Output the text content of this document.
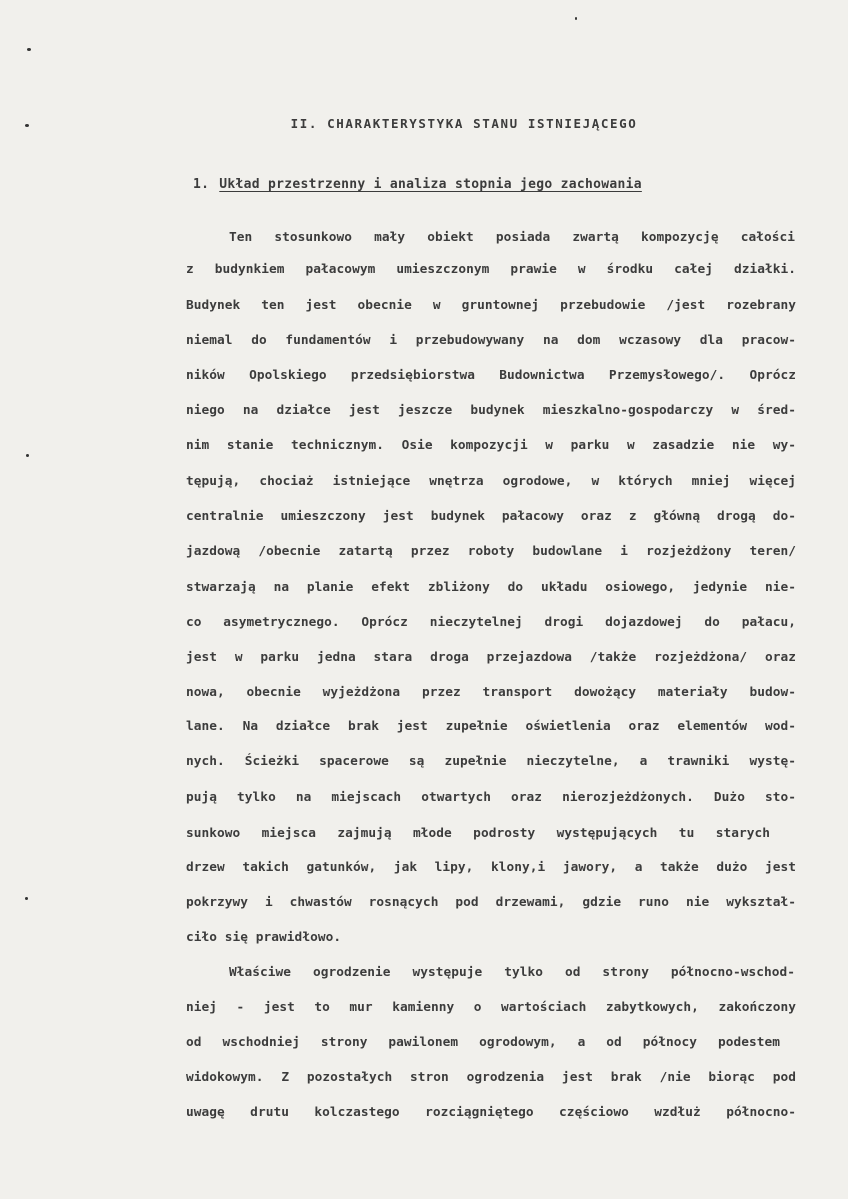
II. CHARAKTERYSTYKA STANU ISTNIEJĄCEGO
1. Układ przestrzenny i analiza stopnia jego zachowania
Ten stosunkowo mały obiekt posiada zwartą kompozycję całości
z budynkiem pałacowym umieszczonym prawie w środku całej działki.
Budynek ten jest obecnie w gruntownej przebudowie /jest rozebrany
niemal do fundamentów i przebudowywany na dom wczasowy dla pracow-
ników Opolskiego przedsiębiorstwa Budownictwa Przemysłowego/. Oprócz
niego na działce jest jeszcze budynek mieszkalno-gospodarczy w śred-
nim stanie technicznym. Osie kompozycji w parku w zasadzie nie wy-
tępują, chociaż istniejące wnętrza ogrodowe, w których mniej więcej
centralnie umieszczony jest budynek pałacowy oraz z główną drogą do-
jazdową /obecnie zatartą przez roboty budowlane i rozjeżdżony teren/
stwarzają na planie efekt zbliżony do układu osiowego, jedynie nie-
co asymetrycznego. Oprócz nieczytelnej drogi dojazdowej do pałacu,
jest w parku jedna stara droga przejazdowa /także rozjeżdżona/ oraz
nowa, obecnie wyjeżdżona przez transport dowożący materiały budow-
lane. Na działce brak jest zupełnie oświetlenia oraz elementów wod-
nych. Ścieżki spacerowe są zupełnie nieczytelne, a trawniki wystę-
pują tylko na miejscach otwartych oraz nierozjeżdżonych. Dużo sto-
sunkowo miejsca zajmują młode podrosty występujących tu starych
drzew takich gatunków, jak lipy, klony,i jawory, a także dużo jest
pokrzywy i chwastów rosnących pod drzewami, gdzie runo nie wykształ-
ciło się prawidłowo.
Właściwe ogrodzenie występuje tylko od strony północno-wschod-
niej - jest to mur kamienny o wartościach zabytkowych, zakończony
od wschodniej strony pawilonem ogrodowym, a od północy podestem
widokowym. Z pozostałych stron ogrodzenia jest brak /nie biorąc pod
uwagę drutu kolczastego rozciągniętego częściowo wzdłuż północno-
